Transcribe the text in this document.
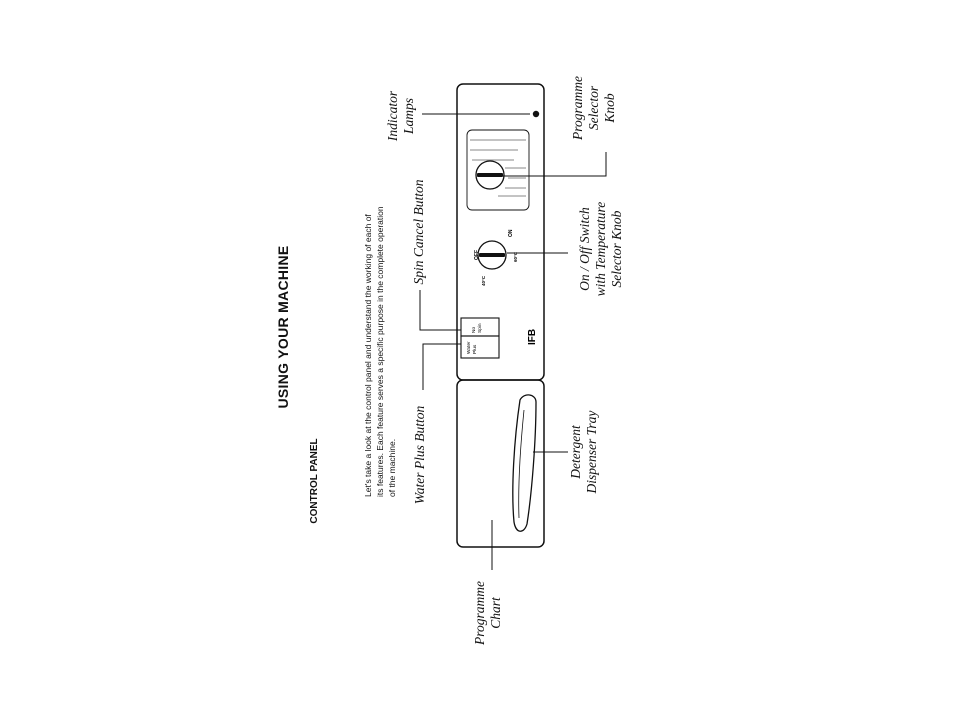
USING YOUR MACHINE
CONTROL PANEL	Let's take a look at the control panel and understand the working of each of its features. Each feature serves a specific purpose in the complete operation of the machine.
Indicator Lamps
Spin Cancel Button
Water Plus Button
Programme Chart
Programme Selector Knob
On / Off Switch with Temperature Selector Knob
Detergent Dispenser Tray
OFF
ON
40°C
60°C
No Spin
Water Plus
IFB
